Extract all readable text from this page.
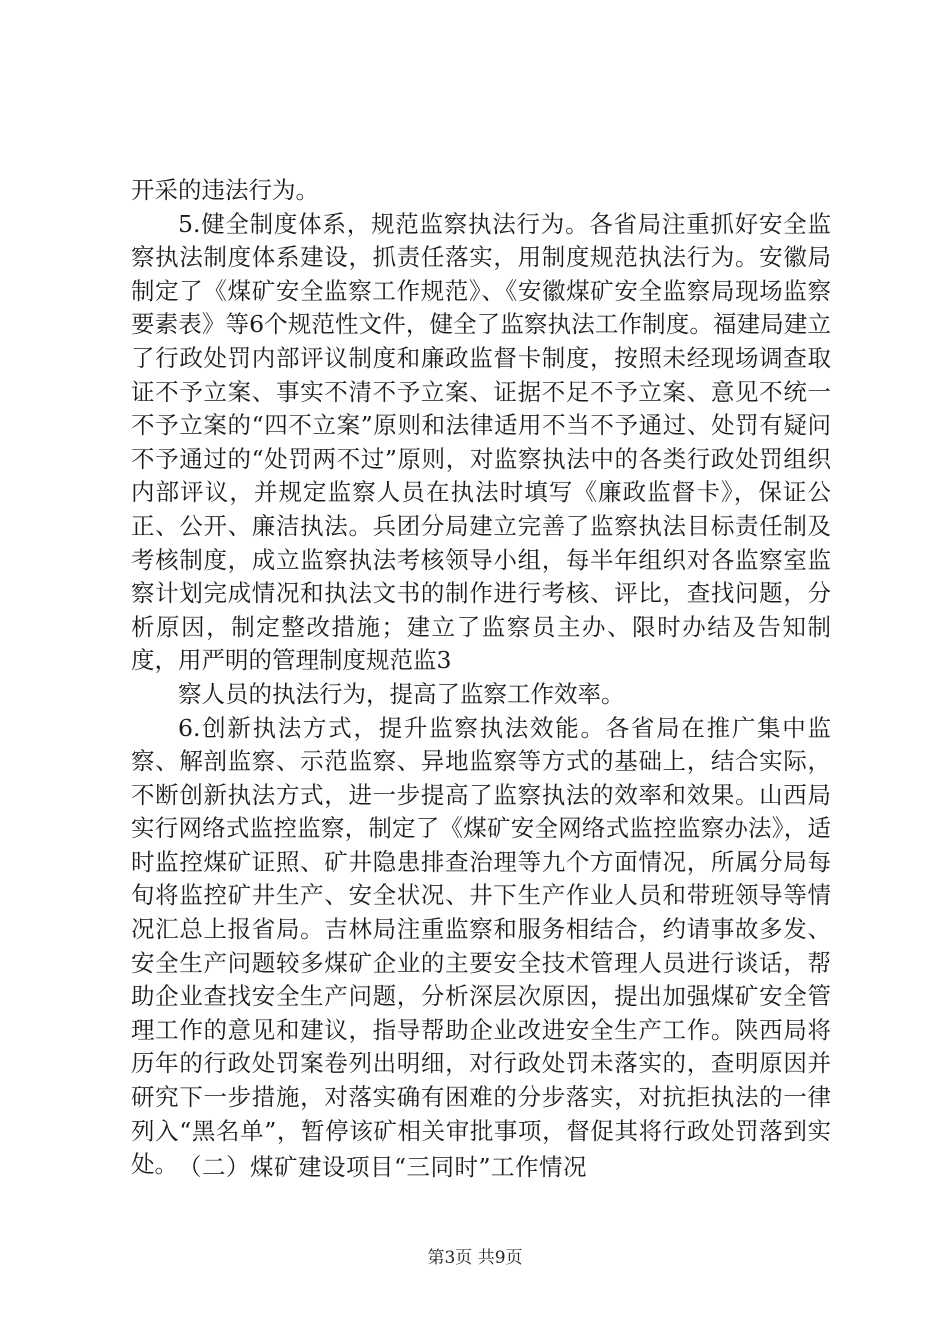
开采的违法行为。

5.健全制度体系，规范监察执法行为。各省局注重抓好安全监察执法制度体系建设，抓责任落实，用制度规范执法行为。安徽局制定了《煤矿安全监察工作规范》、《安徽煤矿安全监察局现场监察要素表》等6个规范性文件，健全了监察执法工作制度。福建局建立了行政处罚内部评议制度和廉政监督卡制度，按照未经现场调查取证不予立案、事实不清不予立案、证据不足不予立案、意见不统一不予立案的“四不立案”原则和法律适用不当不予通过、处罚有疑问不予通过的“处罚两不过”原则，对监察执法中的各类行政处罚组织内部评议，并规定监察人员在执法时填写《廉政监督卡》，保证公正、公开、廉洁执法。兵团分局建立完善了监察执法目标责任制及考核制度，成立监察执法考核领导小组，每半年组织对各监察室监察计划完成情况和执法文书的制作进行考核、评比，查找问题，分析原因，制定整改措施；建立了监察员主办、限时办结及告知制度，用严明的管理制度规范监3

察人员的执法行为，提高了监察工作效率。

6.创新执法方式，提升监察执法效能。各省局在推广集中监察、解剖监察、示范监察、异地监察等方式的基础上，结合实际，不断创新执法方式，进一步提高了监察执法的效率和效果。山西局实行网络式监控监察，制定了《煤矿安全网络式监控监察办法》，适时监控煤矿证照、矿井隐患排查治理等九个方面情况，所属分局每旬将监控矿井生产、安全状况、井下生产作业人员和带班领导等情况汇总上报省局。吉林局注重监察和服务相结合，约请事故多发、安全生产问题较多煤矿企业的主要安全技术管理人员进行谈话，帮助企业查找安全生产问题，分析深层次原因，提出加强煤矿安全管理工作的意见和建议，指导帮助企业改进安全生产工作。陕西局将历年的行政处罚案卷列出明细，对行政处罚未落实的，查明原因并研究下一步措施，对落实确有困难的分步落实，对抗拒执法的一律列入“黑名单”，暂停该矿相关审批事项，督促其将行政处罚落到实处。 （二）煤矿建设项目“三同时”工作情况
第3页 共9页
